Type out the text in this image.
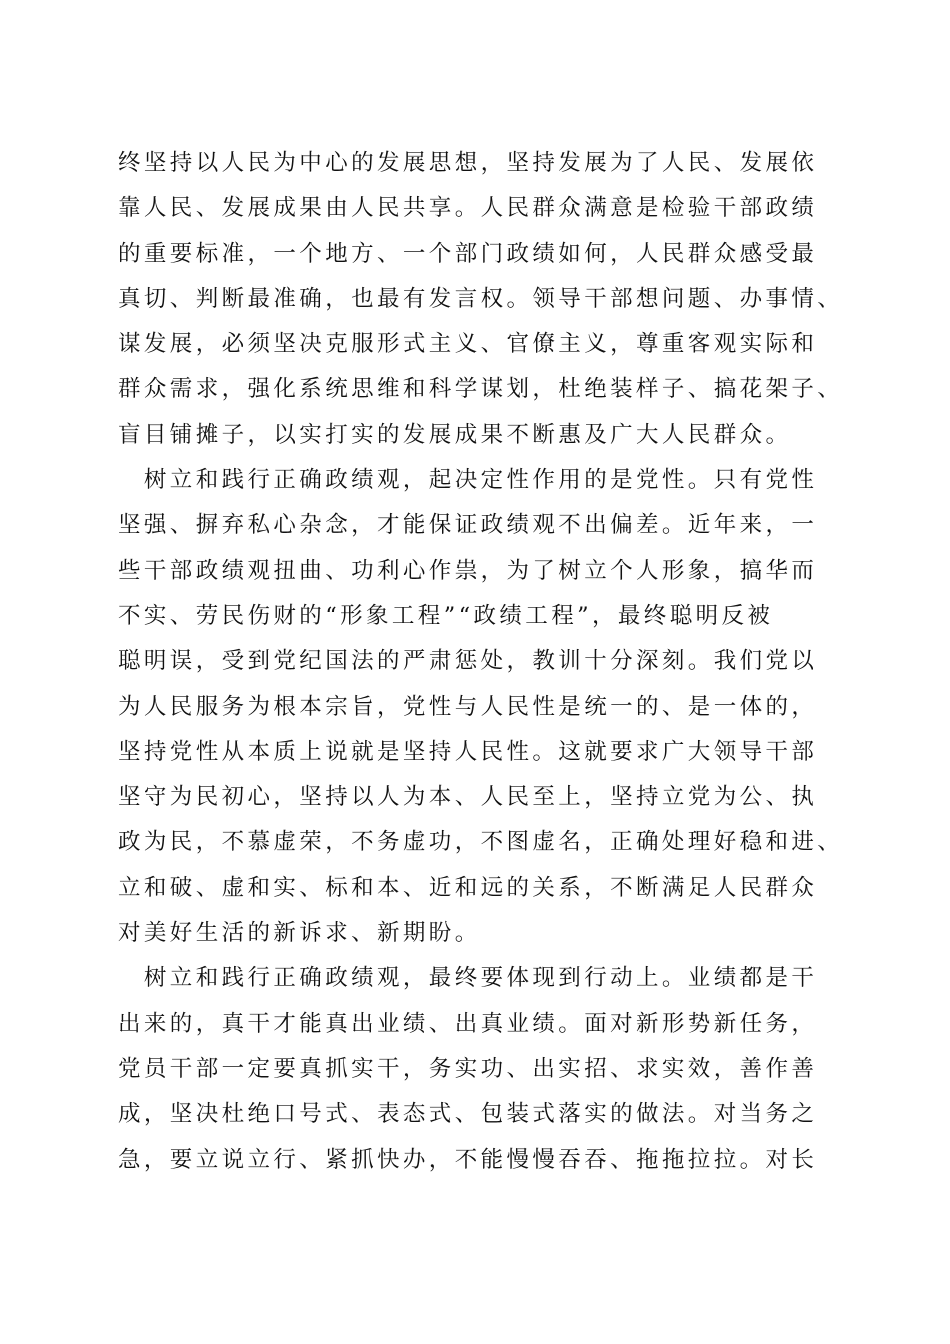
终坚持以人民为中心的发展思想，坚持发展为了人民、发展依
靠人民、发展成果由人民共享。人民群众满意是检验干部政绩
的重要标准，一个地方、一个部门政绩如何，人民群众感受最
真切、判断最准确，也最有发言权。领导干部想问题、办事情、
谋发展，必须坚决克服形式主义、官僚主义，尊重客观实际和
群众需求，强化系统思维和科学谋划，杜绝装样子、搞花架子、
盲目铺摊子，以实打实的发展成果不断惠及广大人民群众。
　树立和践行正确政绩观，起决定性作用的是党性。只有党性
坚强、摒弃私心杂念，才能保证政绩观不出偏差。近年来，一
些干部政绩观扭曲、功利心作祟，为了树立个人形象，搞华而
不实、劳民伤财的“形象工程”“政绩工程”，最终聪明反被
聪明误，受到党纪国法的严肃惩处，教训十分深刻。我们党以
为人民服务为根本宗旨，党性与人民性是统一的、是一体的，
坚持党性从本质上说就是坚持人民性。这就要求广大领导干部
坚守为民初心，坚持以人为本、人民至上，坚持立党为公、执
政为民，不慕虚荣，不务虚功，不图虚名，正确处理好稳和进、
立和破、虚和实、标和本、近和远的关系，不断满足人民群众
对美好生活的新诉求、新期盼。
　树立和践行正确政绩观，最终要体现到行动上。业绩都是干
出来的，真干才能真出业绩、出真业绩。面对新形势新任务，
党员干部一定要真抓实干，务实功、出实招、求实效，善作善
成，坚决杜绝口号式、表态式、包装式落实的做法。对当务之
急，要立说立行、紧抓快办，不能慢慢吞吞、拖拖拉拉。对长
